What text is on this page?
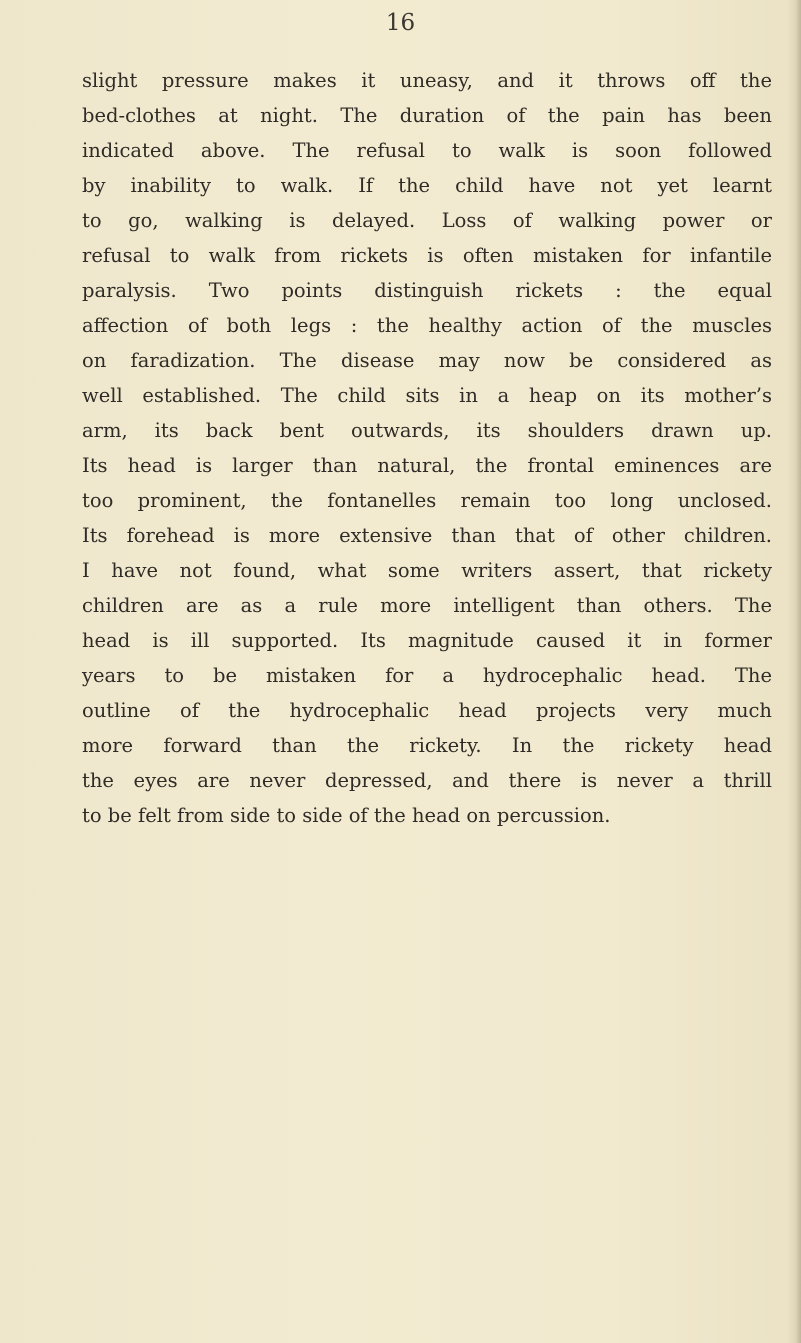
16

slight pressure makes it uneasy, and it throws off the
bed-clothes at night. The duration of the pain has been
indicated above. The refusal to walk is soon followed
by inability to walk. If the child have not yet learnt
to go, walking is delayed. Loss of walking power or
refusal to walk from rickets is often mistaken for infantile
paralysis. Two points distinguish rickets : the equal
affection of both legs : the healthy action of the muscles
on faradization. The disease may now be considered as
well established. The child sits in a heap on its mother’s
arm, its back bent outwards, its shoulders drawn up.
Its head is larger than natural, the frontal eminences are
too prominent, the fontanelles remain too long unclosed.
Its forehead is more extensive than that of other children.
I have not found, what some writers assert, that rickety
children are as a rule more intelligent than others. The
head is ill supported. Its magnitude caused it in former
years to be mistaken for a hydrocephalic head. The
outline of the hydrocephalic head projects very much
more forward than the rickety. In the rickety head
the eyes are never depressed, and there is never a thrill
to be felt from side to side of the head on percussion.
